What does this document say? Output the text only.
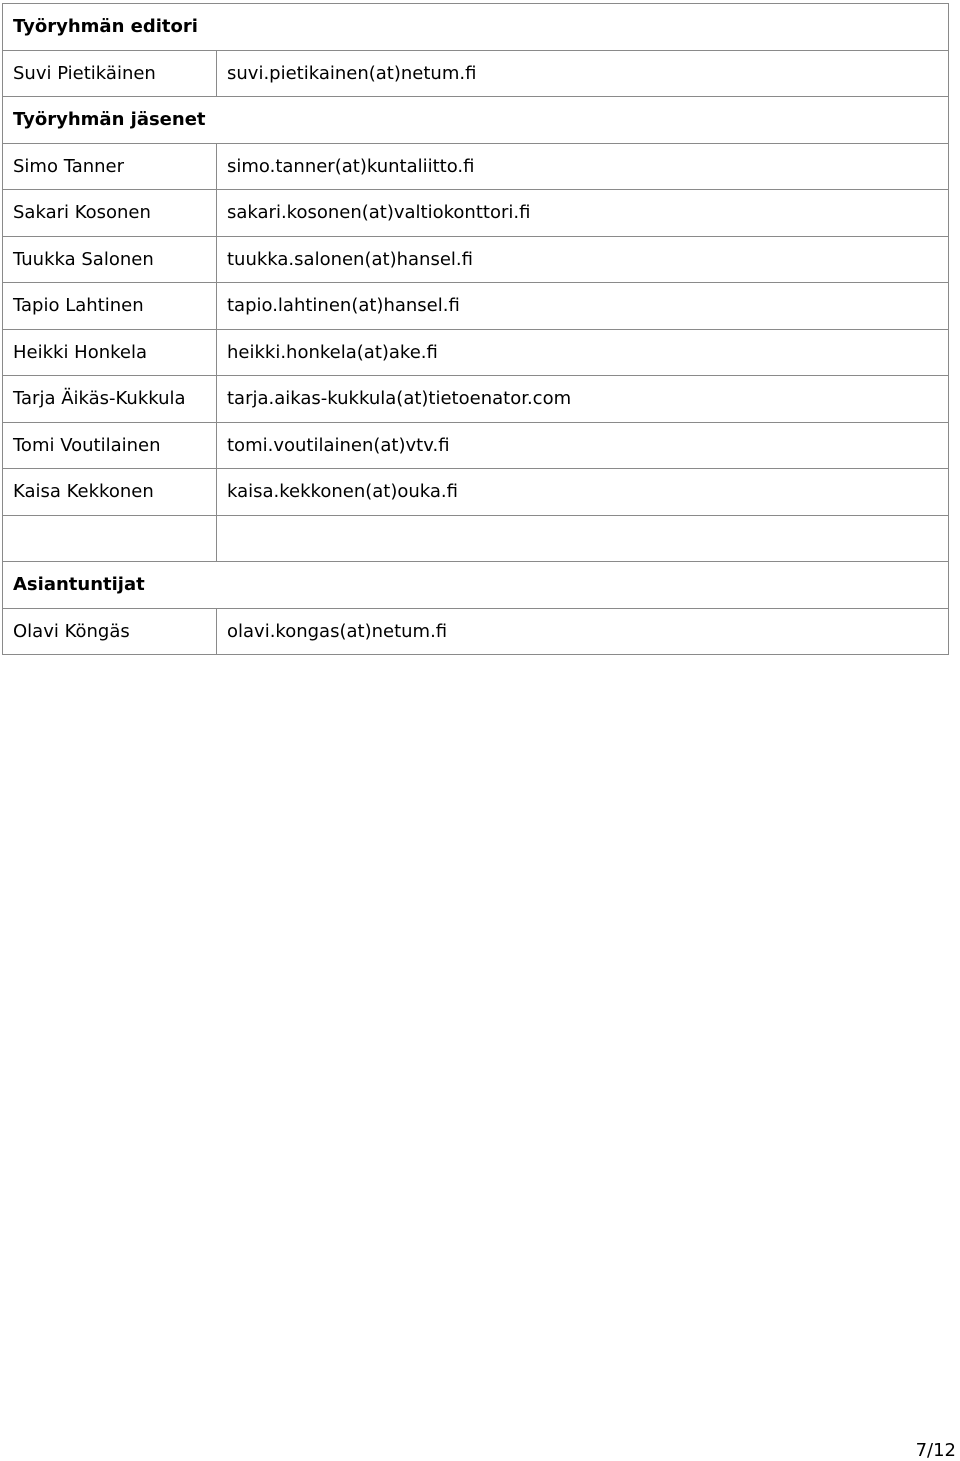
Työryhmän editori	
Suvi Pietikäinen	suvi.pietikainen(at)netum.fi
Työryhmän jäsenet	
Simo Tanner	simo.tanner(at)kuntaliitto.fi
Sakari Kosonen	sakari.kosonen(at)valtiokonttori.fi
Tuukka Salonen	tuukka.salonen(at)hansel.fi
Tapio Lahtinen	tapio.lahtinen(at)hansel.fi
Heikki Honkela	heikki.honkela(at)ake.fi
Tarja Äikäs-Kukkula	tarja.aikas-kukkula(at)tietoenator.com
Tomi Voutilainen	tomi.voutilainen(at)vtv.fi
Kaisa Kekkonen	kaisa.kekkonen(at)ouka.fi

Asiantuntijat	
Olavi Köngäs	olavi.kongas(at)netum.fi
7/12
